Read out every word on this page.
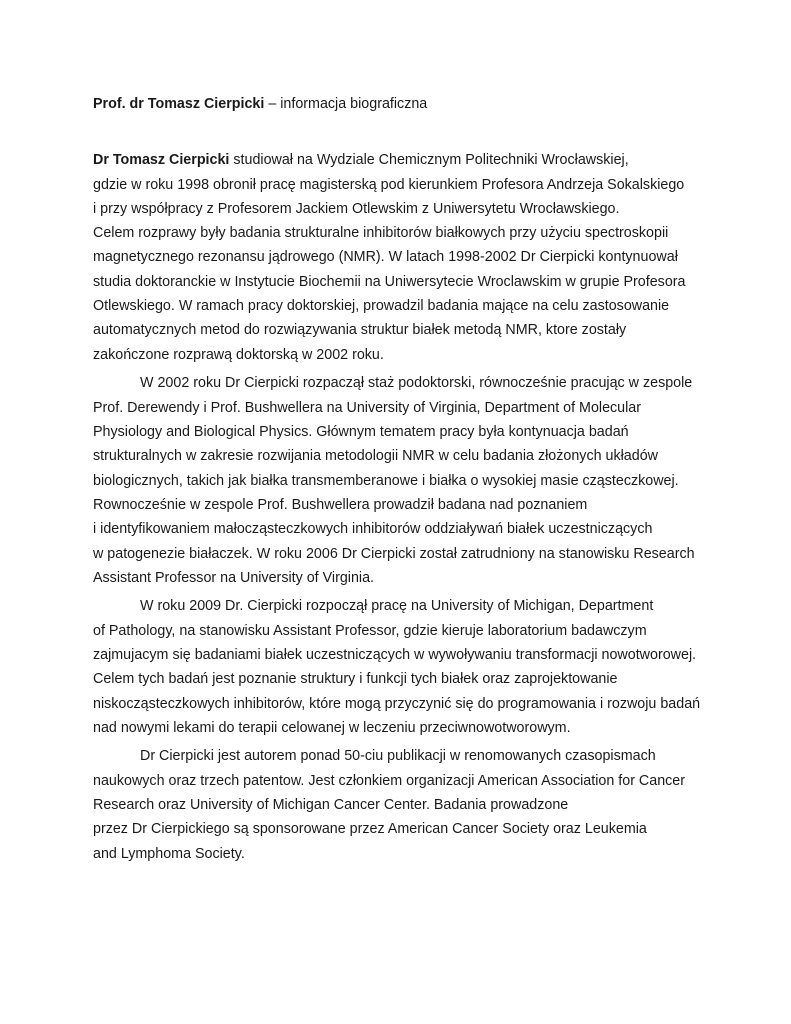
Prof. dr Tomasz Cierpicki – informacja biograficzna
Dr Tomasz Cierpicki studiował na Wydziale Chemicznym Politechniki Wrocławskiej,
gdzie w roku 1998 obronił pracę magisterską pod kierunkiem Profesora Andrzeja Sokalskiego
i przy współpracy z Profesorem Jackiem Otlewskim z Uniwersytetu Wrocławskiego.
Celem rozprawy były badania strukturalne inhibitorów białkowych przy użyciu spectroskopii
magnetycznego rezonansu jądrowego (NMR). W latach 1998-2002 Dr Cierpicki kontynuował
studia doktoranckie w Instytucie Biochemii na Uniwersytecie Wroclawskim w grupie Profesora
Otlewskiego. W ramach pracy doktorskiej, prowadzil badania mające na celu zastosowanie
automatycznych metod do rozwiązywania struktur białek metodą NMR, ktore zostały
zakończone rozprawą doktorską w 2002 roku.
W 2002 roku Dr Cierpicki rozpaczął staż podoktorski, równocześnie pracując w zespole
Prof. Derewendy i Prof. Bushwellera na University of Virginia, Department of Molecular
Physiology and Biological Physics. Głównym tematem pracy była kontynuacja badań
strukturalnych w zakresie rozwijania metodologii NMR w celu badania złożonych układów
biologicznych, takich jak białka transmemberanowe i białka o wysokiej masie cząsteczkowej.
Rownocześnie w zespole Prof. Bushwellera prowadził badana nad poznaniem
i identyfikowaniem małocząsteczkowych inhibitorów oddziaływań białek uczestniczących
w patogenezie białaczek. W roku 2006 Dr Cierpicki został zatrudniony na stanowisku Research
Assistant Professor na University of Virginia.
W roku 2009 Dr. Cierpicki rozpoczął pracę na University of Michigan, Department
of Pathology, na stanowisku Assistant Professor, gdzie kieruje laboratorium badawczym
zajmujacym się badaniami białek uczestniczących w wywoływaniu transformacji nowotworowej.
Celem tych badań jest poznanie struktury i funkcji tych białek oraz zaprojektowanie
niskocząsteczkowych inhibitorów, które mogą przyczynić się do programowania i rozwoju badań
nad nowymi lekami do terapii celowanej w leczeniu przeciwnowotworowym.
Dr Cierpicki jest autorem ponad 50-ciu publikacji w renomowanych czasopismach
naukowych oraz trzech patentow. Jest członkiem organizacji American Association for Cancer
Research oraz University of Michigan Cancer Center. Badania prowadzone
przez Dr Cierpickiego są sponsorowane przez American Cancer Society oraz Leukemia
and Lymphoma Society.
